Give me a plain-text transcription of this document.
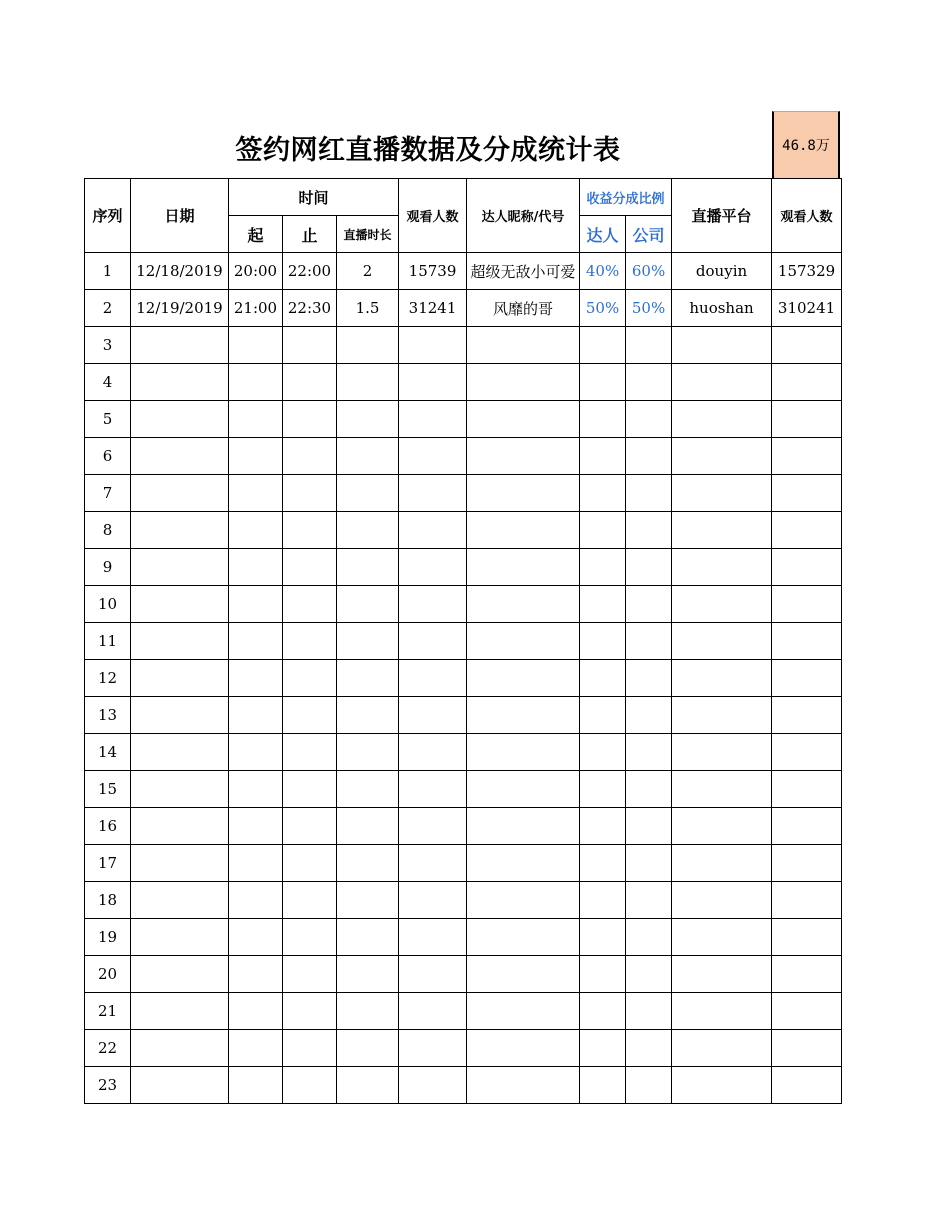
签约网红直播数据及分成统计表	46.8万
序列	日期	时间			观看人数	达人昵称/代号	收益分成比例		直播平台	观看人数
		起	止	直播时长			达人	公司		
1	12/18/2019	20:00	22:00	2	15739	超级无敌小可爱	40%	60%	douyin	157329
2	12/19/2019	21:00	22:30	1.5	31241	风靡的哥	50%	50%	huoshan	310241
3										
4										
5										
6										
7										
8										
9										
10										
11										
12										
13										
14										
15										
16										
17										
18										
19										
20										
21										
22										
23										
